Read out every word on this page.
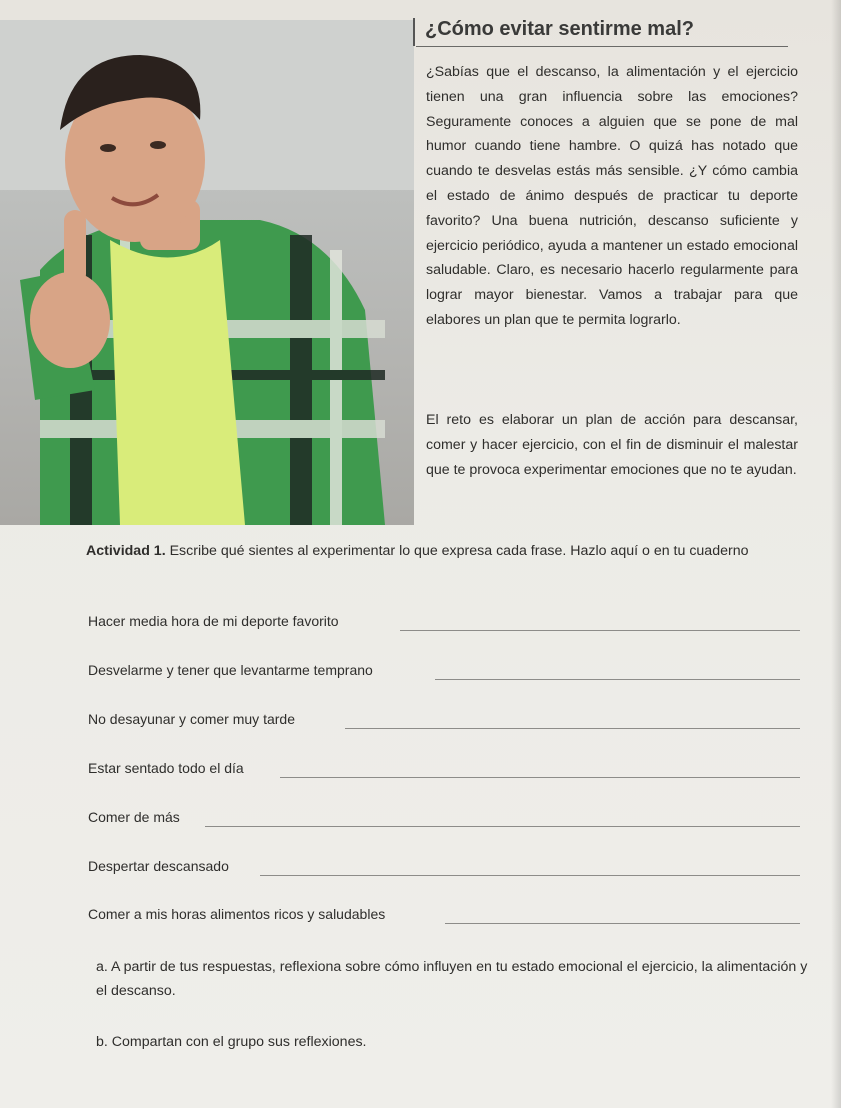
¿Cómo evitar sentirme mal?

¿Sabías que el descanso, la alimentación y el ejercicio tienen una gran influencia sobre las emociones? Seguramente conoces a alguien que se pone de mal humor cuando tiene hambre. O quizá has notado que cuando te desvelas estás más sensible. ¿Y cómo cambia el estado de ánimo después de practicar tu deporte favorito? Una buena nutrición, descanso suficiente y ejercicio periódico, ayuda a mantener un estado emocional saludable. Claro, es necesario hacerlo regularmente para lograr mayor bienestar. Vamos a trabajar para que elabores un plan que te permita lograrlo.

El reto es elaborar un plan de acción para descansar, comer y hacer ejercicio, con el fin de disminuir el malestar que te provoca experimentar emociones que no te ayudan.

Actividad 1. Escribe qué sientes al experimentar lo que expresa cada frase. Hazlo aquí o en tu cuaderno

Hacer media hora de mi deporte favorito
Desvelarme y tener que levantarme temprano
No desayunar y comer muy tarde
Estar sentado todo el día
Comer de más
Despertar descansado
Comer a mis horas alimentos ricos y saludables

a. A partir de tus respuestas, reflexiona sobre cómo influyen en tu estado emocional el ejercicio, la alimentación y el descanso.

b. Compartan con el grupo sus reflexiones.
